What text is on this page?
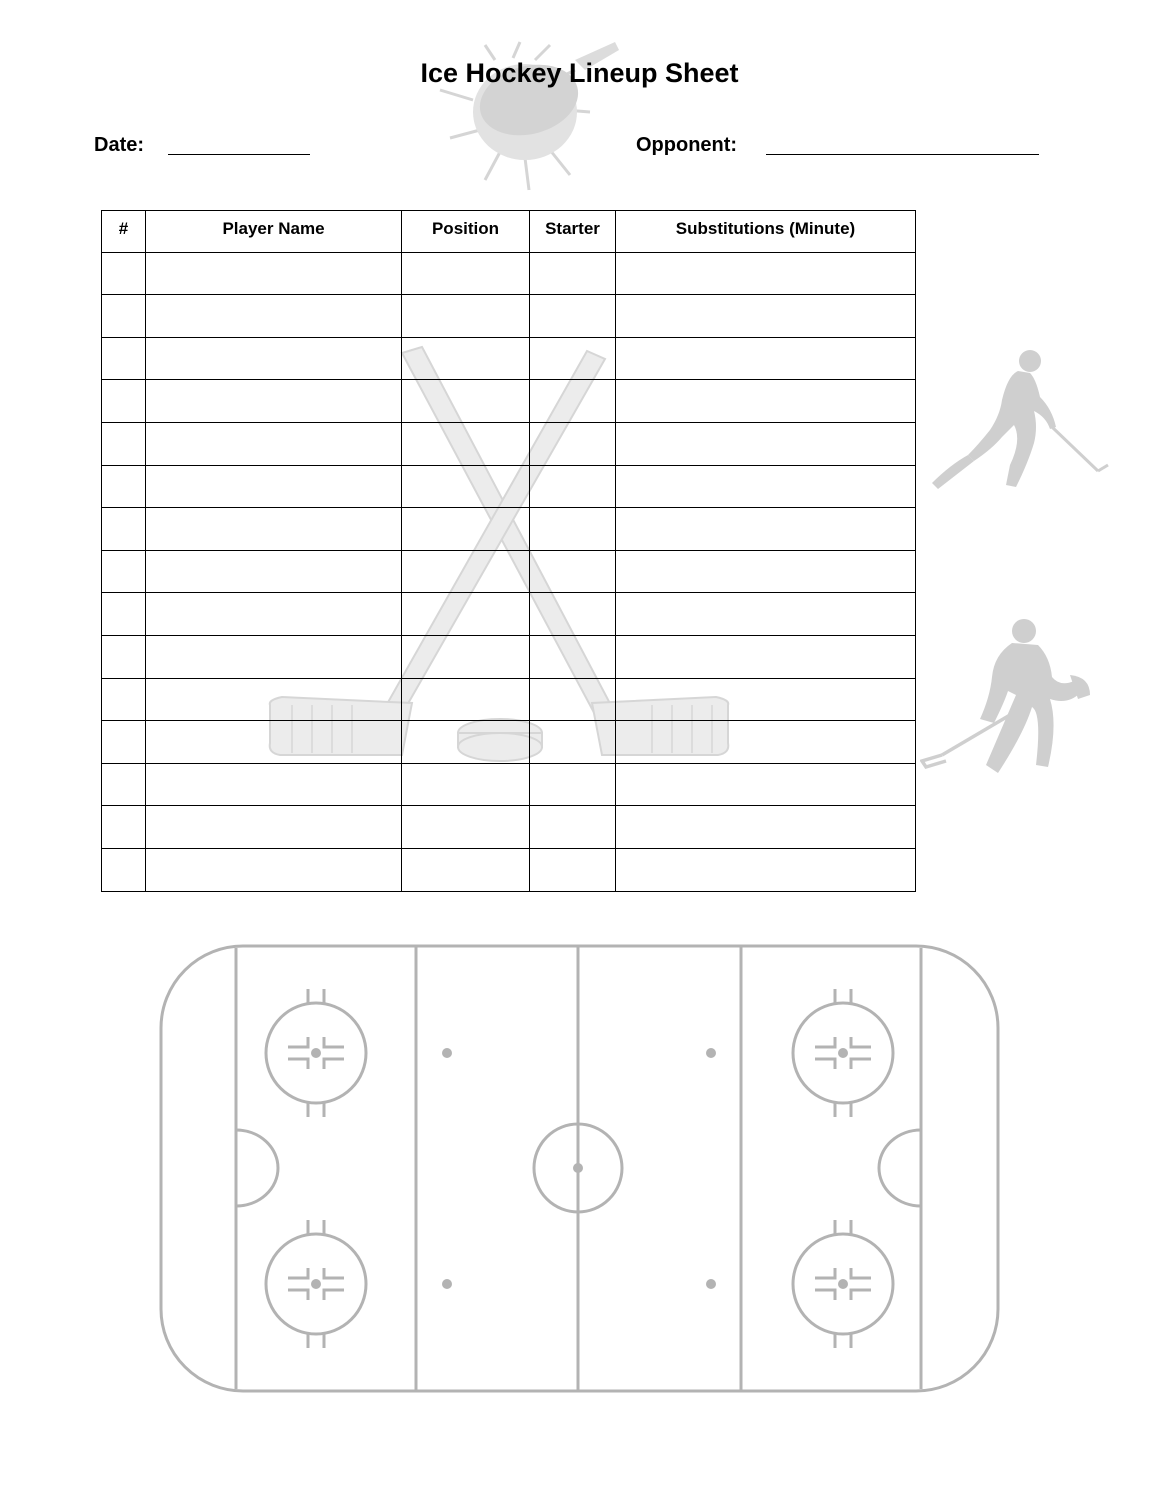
Ice Hockey Lineup Sheet
Date:	Opponent:
#	Player Name	Position	Starter	Substitutions (Minute)
